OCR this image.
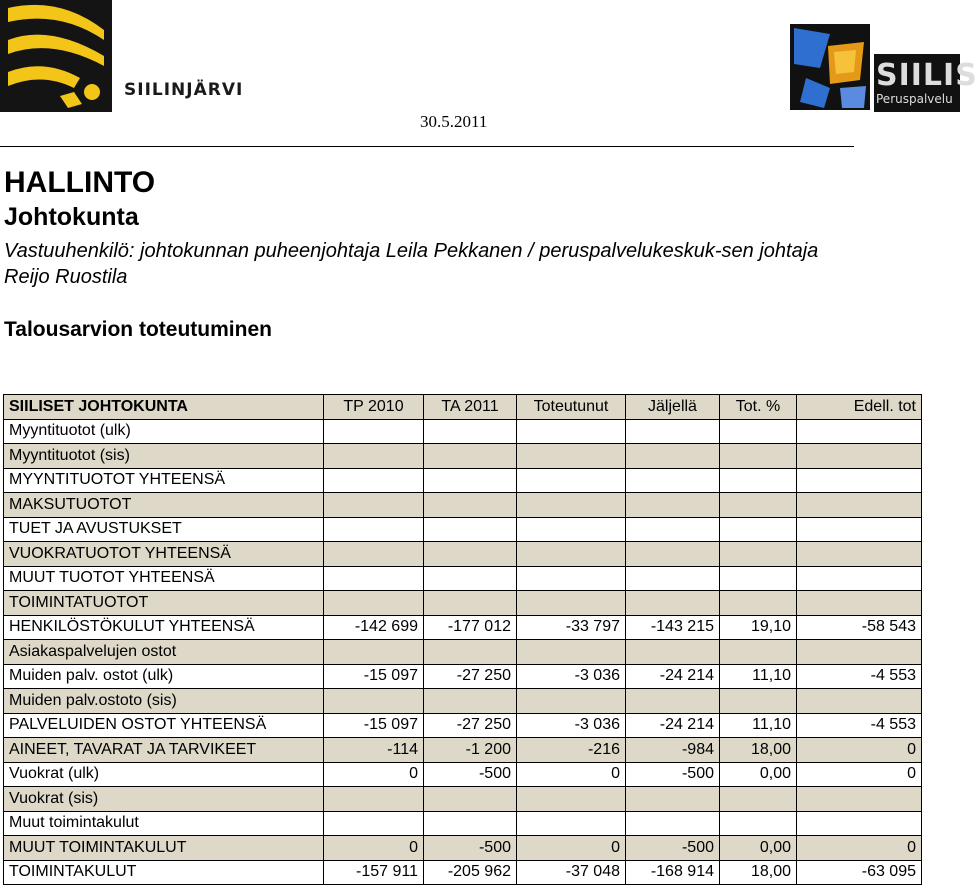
SIILINJÄRVI	SIILIS
Peruspalvelu
30.5.2011
HALLINTO
Johtokunta
Vastuuhenkilö: johtokunnan puheenjohtaja Leila Pekkanen / peruspalvelukeskuk-sen johtaja Reijo Ruostila
Talousarvion toteutuminen
SIILISET JOHTOKUNTA	TP 2010	TA 2011	Toteutunut	Jäljellä	Tot. %	Edell. tot
Myyntituotot (ulk)						
Myyntituotot (sis)						
MYYNTITUOTOT YHTEENSÄ						
MAKSUTUOTOT						
TUET JA AVUSTUKSET						
VUOKRATUOTOT YHTEENSÄ						
MUUT TUOTOT YHTEENSÄ						
TOIMINTATUOTOT						
HENKILÖSTÖKULUT YHTEENSÄ	-142 699	-177 012	-33 797	-143 215	19,10	-58 543
Asiakaspalvelujen ostot						
Muiden palv. ostot (ulk)	-15 097	-27 250	-3 036	-24 214	11,10	-4 553
Muiden palv.ostoto (sis)						
PALVELUIDEN OSTOT YHTEENSÄ	-15 097	-27 250	-3 036	-24 214	11,10	-4 553
AINEET, TAVARAT JA TARVIKEET	-114	-1 200	-216	-984	18,00	0
Vuokrat (ulk)	0	-500	0	-500	0,00	0
Vuokrat (sis)						
Muut toimintakulut						
MUUT TOIMINTAKULUT	0	-500	0	-500	0,00	0
TOIMINTAKULUT	-157 911	-205 962	-37 048	-168 914	18,00	-63 095
